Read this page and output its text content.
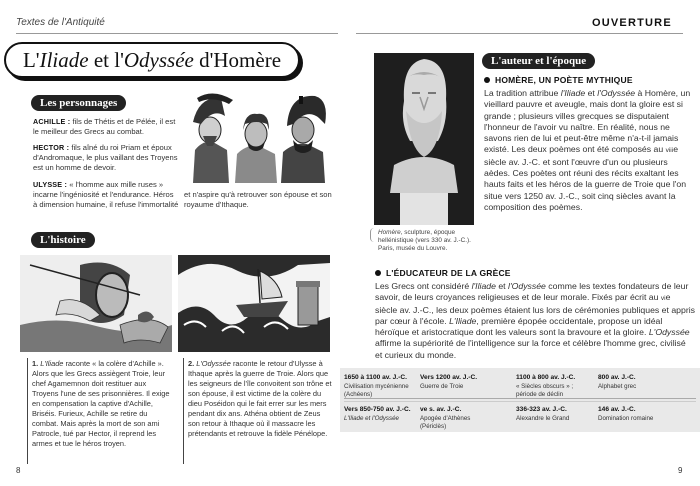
Textes de l'Antiquité	OUVERTURE
L'Iliade et l'Odyssée d'Homère
Les personnages
ACHILLE : fils de Thétis et de Pélée, il est le meilleur des Grecs au combat.
HECTOR : fils aîné du roi Priam et époux d'Andromaque, le plus vaillant des Troyens est un homme de devoir.
ULYSSE : « l'homme aux mille ruses » incarne l'ingéniosité et l'endurance. Héros à dimension humaine, il refuse l'immortalité
et n'aspire qu'à retrouver son épouse et son royaume d'Ithaque.
L'histoire
1. L'Iliade raconte « la colère d'Achille ». Alors que les Grecs assiègent Troie, leur chef Agamemnon doit restituer aux Troyens l'une de ses prisonnières. Il exige en compensation la captive d'Achille, Briséis. Furieux, Achille se retire du combat. Mais après la mort de son ami Patrocle, tué par Hector, il reprend les armes et tue le héros troyen.
2. L'Odyssée raconte le retour d'Ulysse à Ithaque après la guerre de Troie. Alors que les seigneurs de l'île convoitent son trône et son épouse, il est victime de la colère du dieu Poséidon qui le fait errer sur les mers pendant dix ans. Athéna obtient de Zeus son retour à Ithaque où il massacre les prétendants et retrouve la fidèle Pénélope.
Homère, sculpture, époque hellénistique (vers 330 av. J.-C.). Paris, musée du Louvre.
L'auteur et l'époque
HOMÈRE, UN POÈTE MYTHIQUE
La tradition attribue l'Iliade et l'Odyssée à Homère, un vieillard pauvre et aveugle, mais dont la gloire est si grande ; plusieurs villes grecques se disputaient l'honneur de l'avoir vu naître. En réalité, nous ne savons rien de lui et peut-être même n'a-t-il jamais existé. Les deux poèmes ont été composés au viiie siècle av. J.-C. et sont l'œuvre d'un ou plusieurs aèdes. Ces poètes ont réuni des récits exaltant les hauts faits et les héros de la guerre de Troie que l'on situe vers 1250 av. J.-C., soit cinq siècles avant la composition des poèmes.
L'ÉDUCATEUR DE LA GRÈCE
Les Grecs ont considéré l'Iliade et l'Odyssée comme les textes fondateurs de leur savoir, de leurs croyances religieuses et de leur morale. Fixés par écrit au vie siècle av. J.-C., les deux poèmes étaient lus lors de cérémonies publiques et appris par cœur à l'école. L'Iliade, première épopée occidentale, propose un idéal héroïque et aristocratique dont les valeurs sont la bravoure et la gloire. L'Odyssée affirme la supériorité de l'intelligence sur la force et célèbre l'homme grec, civilisé et curieux du monde.
1650 à 1100 av. J.-C.
Civilisation mycénienne (Achéens)
Vers 1200 av. J.-C.
Guerre de Troie
1100 à 800 av. J.-C.
« Siècles obscurs » ; période de déclin
800 av. J.-C.
Alphabet grec
Vers 850-750 av. J.-C.
L'Iliade et l'Odyssée
ve s. av. J.-C.
Apogée d'Athènes (Périclès)
336-323 av. J.-C.
Alexandre le Grand
146 av. J.-C.
Domination romaine
8	9
